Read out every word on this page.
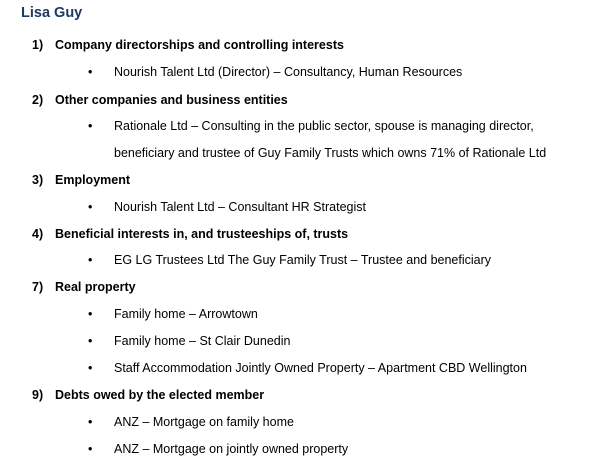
Lisa Guy
1) Company directorships and controlling interests
• Nourish Talent Ltd (Director) – Consultancy, Human Resources
2) Other companies and business entities
• Rationale Ltd – Consulting in the public sector, spouse is managing director,
beneficiary and trustee of Guy Family Trusts which owns 71% of Rationale Ltd
3) Employment
• Nourish Talent Ltd – Consultant HR Strategist
4) Beneficial interests in, and trusteeships of, trusts
• EG LG Trustees Ltd The Guy Family Trust – Trustee and beneficiary
7) Real property
• Family home – Arrowtown
• Family home – St Clair Dunedin
• Staff Accommodation Jointly Owned Property – Apartment CBD Wellington
9) Debts owed by the elected member
• ANZ – Mortgage on family home
• ANZ – Mortgage on jointly owned property
